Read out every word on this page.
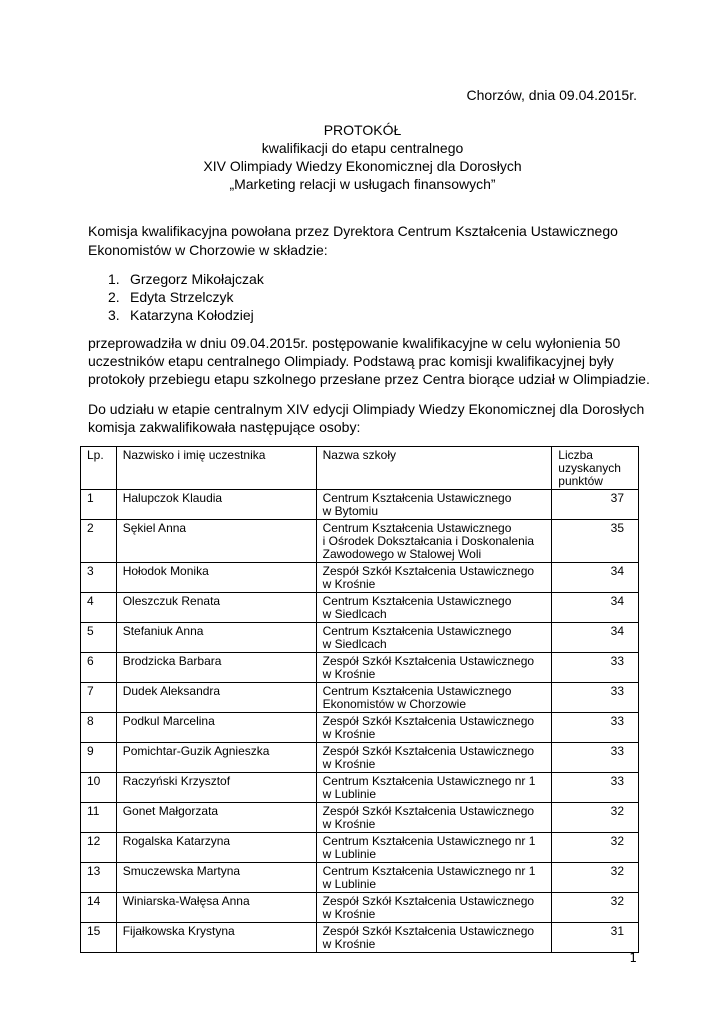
Chorzów, dnia 09.04.2015r.
PROTOKÓŁ
kwalifikacji do etapu centralnego
XIV Olimpiady Wiedzy Ekonomicznej dla Dorosłych
„Marketing relacji w usługach finansowych”
Komisja kwalifikacyjna powołana przez Dyrektora Centrum Kształcenia Ustawicznego Ekonomistów w Chorzowie w składzie:
1. Grzegorz Mikołajczak
2. Edyta Strzelczyk
3. Katarzyna Kołodziej
przeprowadziła w dniu 09.04.2015r. postępowanie kwalifikacyjne w celu wyłonienia 50
uczestników etapu centralnego Olimpiady. Podstawą prac komisji kwalifikacyjnej były
protokoły przebiegu etapu szkolnego przesłane przez Centra biorące udział w Olimpiadzie.
Do udziału w etapie centralnym XIV edycji Olimpiady Wiedzy Ekonomicznej dla Dorosłych
komisja zakwalifikowała następujące osoby:
Lp.	Nazwisko i imię uczestnika	Nazwa szkoły	Liczba
uzyskanych
punktów

1	Halupczok Klaudia	Centrum Kształcenia Ustawicznego
w Bytomiu	37
2	Sękiel Anna	Centrum Kształcenia Ustawicznego
i Ośrodek Dokształcania i Doskonalenia
Zawodowego w Stalowej Woli	35
3	Hołodok Monika	Zespół Szkół Kształcenia Ustawicznego
w Krośnie	34
4	Oleszczuk Renata	Centrum Kształcenia Ustawicznego
w Siedlcach	34
5	Stefaniuk Anna	Centrum Kształcenia Ustawicznego
w Siedlcach	34
6	Brodzicka Barbara	Zespół Szkół Kształcenia Ustawicznego
w Krośnie	33
7	Dudek Aleksandra	Centrum Kształcenia Ustawicznego
Ekonomistów w Chorzowie	33
8	Podkul Marcelina	Zespół Szkół Kształcenia Ustawicznego
w Krośnie	33
9	Pomichtar-Guzik Agnieszka	Zespół Szkół Kształcenia Ustawicznego
w Krośnie	33
10	Raczyński Krzysztof	Centrum Kształcenia Ustawicznego nr 1
w Lublinie	33
11	Gonet Małgorzata	Zespół Szkół Kształcenia Ustawicznego
w Krośnie	32
12	Rogalska Katarzyna	Centrum Kształcenia Ustawicznego nr 1
w Lublinie	32
13	Smuczewska Martyna	Centrum Kształcenia Ustawicznego nr 1
w Lublinie	32
14	Winiarska-Wałęsa Anna	Zespół Szkół Kształcenia Ustawicznego
w Krośnie	32
15	Fijałkowska Krystyna	Zespół Szkół Kształcenia Ustawicznego
w Krośnie	31
1
